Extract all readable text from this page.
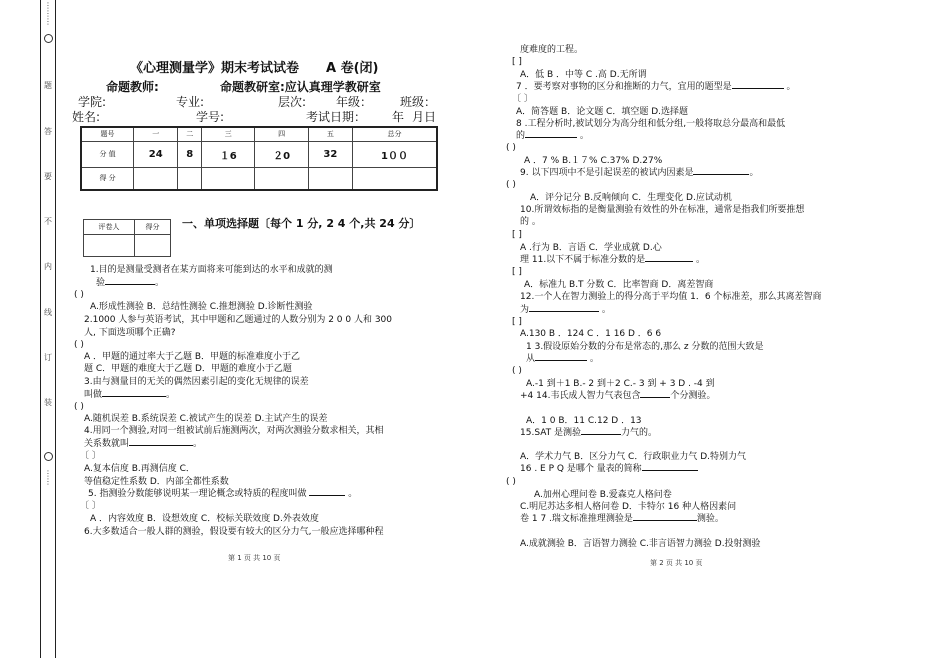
⋮
⋮
⋮
题
答
要
不
内
线
订
装
⋮
⋮
《心理测量学》期末考试试卷 A 卷(闭)
命题教师:	命题教研室:应认真理学教研室
学院:	专业:	层次: 年级： 班级：
姓名:	学号:	考试日期： 年 月日
题号	一	二	三	四	五	总分
分 值	24	8	１6	２0	32	1００
得 分						
评卷人	得分
	一、单项选择题〔每个 1 分, 2 4 个,共 24 分〕
1.目的是测量受测者在某方面将来可能到达的水平和成就的测
验	。
( )
A.形成性测验 B．总结性测验 C.推想测验 D.诊断性测验
2.1000 人参与英语考试，其中甲题和乙题通过的人数分别为 2 0 0 人和 300
人, 下面选项哪个正确?
( )
A ．甲题的通过率大于乙题 B．甲题的标准难度小于乙
题 C．甲题的难度大于乙题 D．甲题的难度小于乙题
3.由与测量目的无关的偶然因素引起的变化无规律的误差
叫做	。
( )
A.随机误差 B.系统误差 C.被试产生的误差 D.主试产生的误差
4.用同一个测验,对同一组被试前后施测两次，对两次测验分数求相关，其相
关系数就叫	。
〔 〕
A.复本信度 B.再测信度 C．
等值稳定性系数 D．内部全都性系数
5. 指测验分数能够说明某一理论概念或特质的程度叫做	。
〔 〕
A ．内容效度 B．设想效度 C．校标关联效度 D.外表效度
6.大多数适合一般人群的测验，假设要有较大的区分力气,一般应选择哪种程
度难度的工程。
[ ]
A．低 B ．中等 C .高 D.无所谓
7 ．要考察对事物的区分和推断的力气，宜用的题型是	。
〔 〕
A．简答题 B．论文题 C．填空题 D.选择题
8 .工程分析时,被试划分为高分组和低分组,一般将取总分最高和最低
的	。
( )
A ．7 % B.１７% C.37% D.27%
9. 以下四项中不是引起误差的被试内因素是	。
( )
A．评分记分 B.反响倾向 C．生理变化 D.应试动机
10.所谓效标指的是衡量测验有效性的外在标准，通常是指我们所要推想
的 。
[ ]
A .行为 B．言语 C．学业成就 D.心
理 11.以下不属于标准分数的是	。
[ ]
A．标准九 B.T 分数 C．比率智商 D．离差智商
12.一个人在智力测验上的得分高于平均值 1．6 个标准差，那么其离差智商
为	。
[ ]
A.130 B ．124 C ．1 16 D ．6 6
1 3.假设原始分数的分布是常态的,那么 z 分数的范围大致是
从	。
( )
A.-1 到＋1 B.- 2 到＋2 C.- 3 到 + 3 D . -4 到
+4 14.韦氏成人智力气表包含	个分测验。
A．1 0 B．11 C.12 D ．13
15.SAT 是测验	力气的。
A．学术力气 B．区分力气 C．行政职业力气 D.特别力气
16 . E P Q 是哪个 量表的简称
( )
A.加州心理问卷 B.爱森克人格问卷
C.明尼苏达多相人格问卷 D．卡特尔 16 种人格因素问
卷 1 7 .瑞文标准推理测验是	测验。
A.成就测验 B．言语智力测验 C.非言语智力测验 D.投射测验
第 1 页 共 10 页
第 2 页 共 10 页
